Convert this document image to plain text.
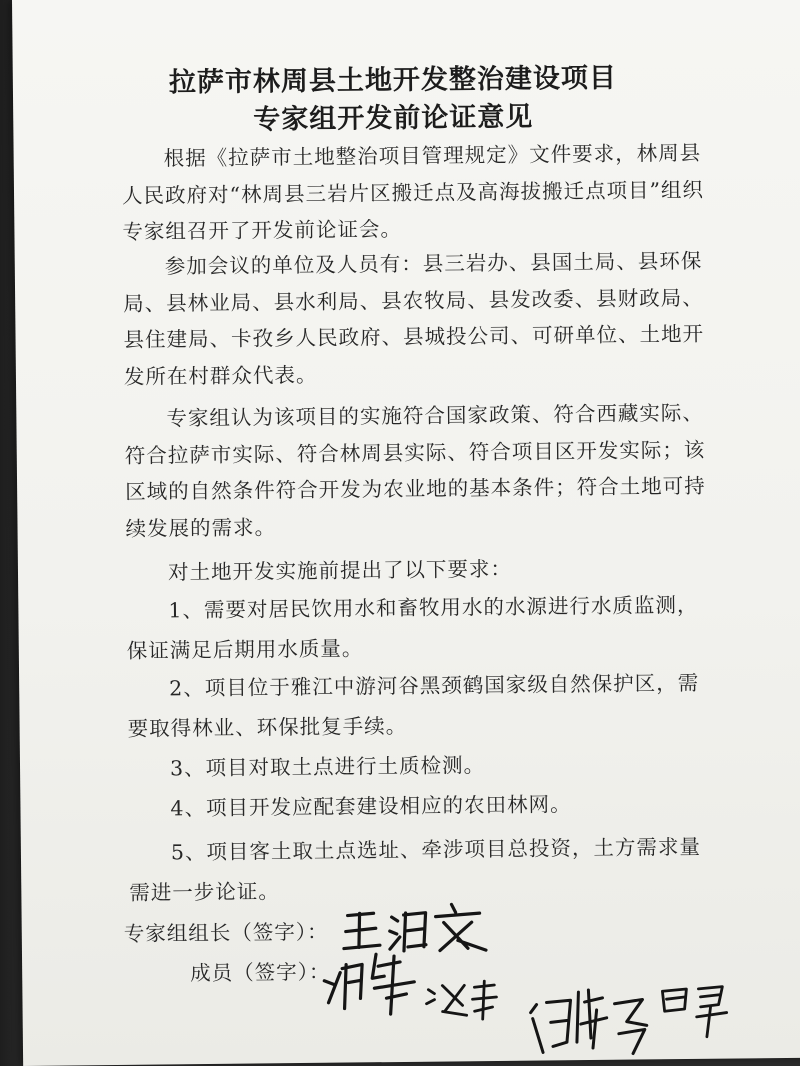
拉萨市林周县土地开发整治建设项目
专家组开发前论证意见

根据《拉萨市土地整治项目管理规定》文件要求，林周县人民政府对“林周县三岩片区搬迁点及高海拔搬迁点项目”组织专家组召开了开发前论证会。

参加会议的单位及人员有：县三岩办、县国土局、县环保局、县林业局、县水利局、县农牧局、县发改委、县财政局、县住建局、卡孜乡人民政府、县城投公司、可研单位、土地开发所在村群众代表。

专家组认为该项目的实施符合国家政策、符合西藏实际、符合拉萨市实际、符合林周县实际、符合项目区开发实际；该区域的自然条件符合开发为农业地的基本条件；符合土地可持续发展的需求。

对土地开发实施前提出了以下要求：

1、需要对居民饮用水和畜牧用水的水源进行水质监测，保证满足后期用水质量。

2、项目位于雅江中游河谷黑颈鹤国家级自然保护区，需要取得林业、环保批复手续。

3、项目对取土点进行土质检测。

4、项目开发应配套建设相应的农田林网。

5、项目客土取土点选址、牵涉项目总投资，土方需求量需进一步论证。

专家组组长（签字）：
成员（签字）：
